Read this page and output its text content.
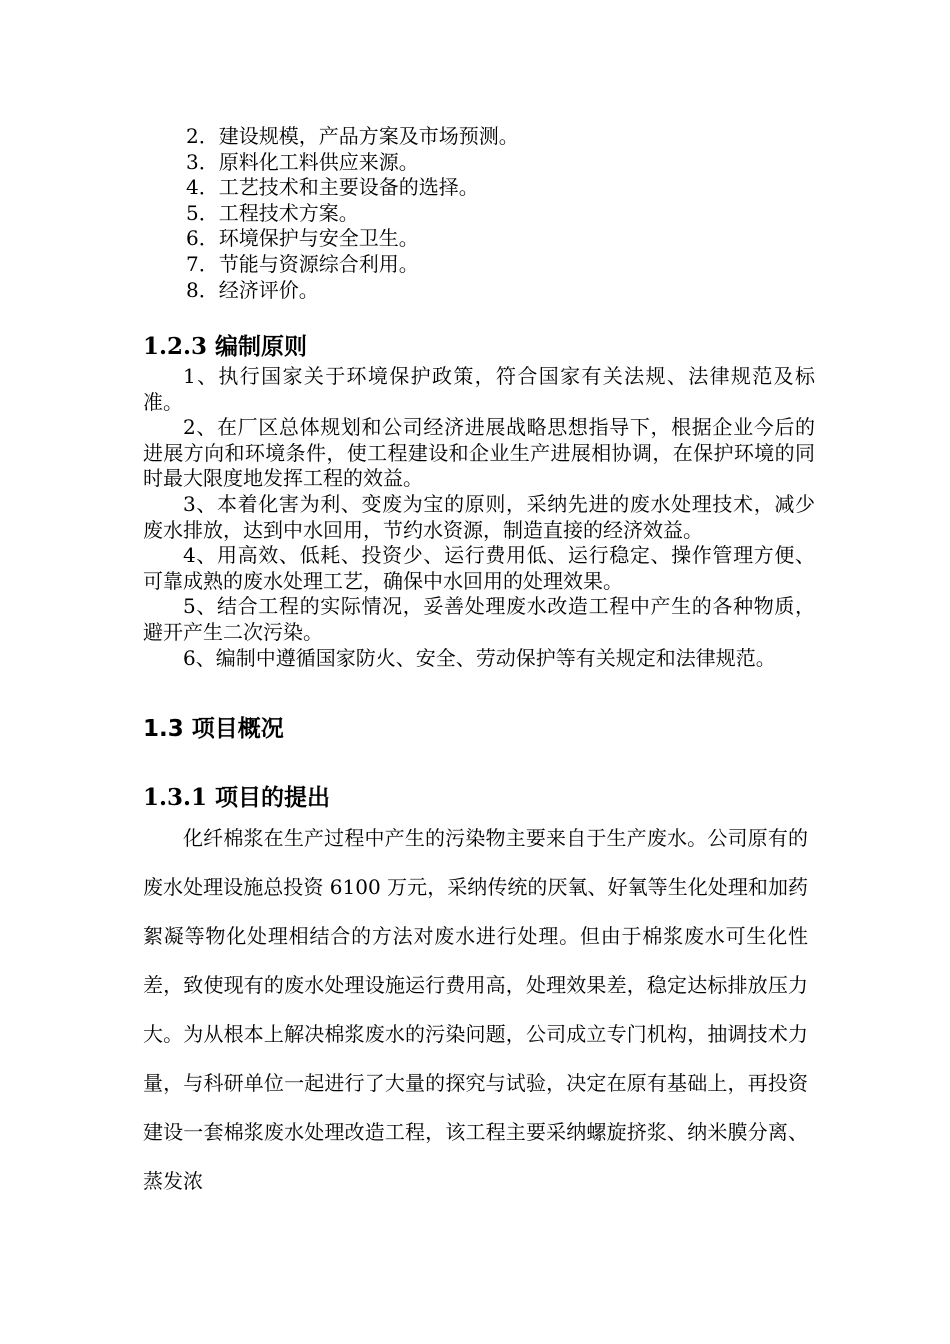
2．建设规模，产品方案及市场预测。
3．原料化工料供应来源。
4．工艺技术和主要设备的选择。
5．工程技术方案。
6．环境保护与安全卫生。
7．节能与资源综合利用。
8．经济评价。
1.2.3 编制原则

1、执行国家关于环境保护政策，符合国家有关法规、法律规范及标准。

2、在厂区总体规划和公司经济进展战略思想指导下，根据企业今后的进展方向和环境条件，使工程建设和企业生产进展相协调，在保护环境的同时最大限度地发挥工程的效益。

3、本着化害为利、变废为宝的原则，采纳先进的废水处理技术，减少废水排放，达到中水回用，节约水资源，制造直接的经济效益。

4、用高效、低耗、投资少、运行费用低、运行稳定、操作管理方便、可靠成熟的废水处理工艺，确保中水回用的处理效果。

5、结合工程的实际情况，妥善处理废水改造工程中产生的各种物质，避开产生二次污染。

6、编制中遵循国家防火、安全、劳动保护等有关规定和法律规范。

1.3 项目概况
1.3.1 项目的提出

化纤棉浆在生产过程中产生的污染物主要来自于生产废水。公司原有的废水处理设施总投资 6100 万元，采纳传统的厌氧、好氧等生化处理和加药絮凝等物化处理相结合的方法对废水进行处理。但由于棉浆废水可生化性差，致使现有的废水处理设施运行费用高，处理效果差，稳定达标排放压力大。为从根本上解决棉浆废水的污染问题，公司成立专门机构，抽调技术力量，与科研单位一起进行了大量的探究与试验，决定在原有基础上，再投资建设一套棉浆废水处理改造工程，该工程主要采纳螺旋挤浆、纳米膜分离、蒸发浓
